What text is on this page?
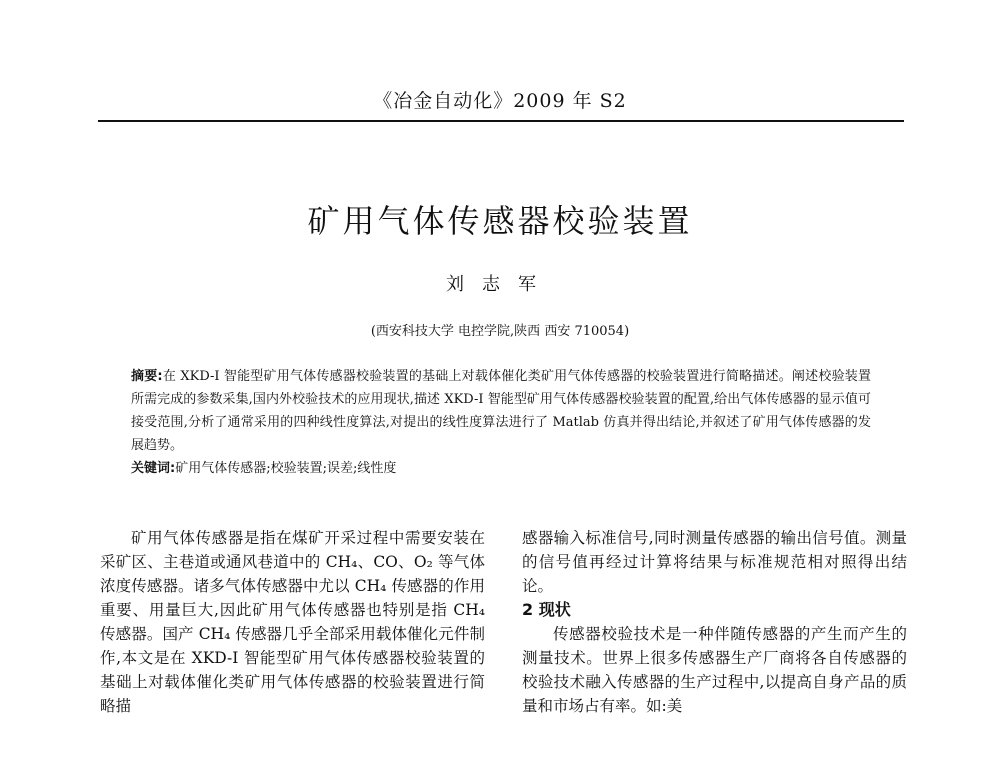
《冶金自动化》2009 年 S2
矿用气体传感器校验装置
刘志军
(西安科技大学 电控学院,陕西 西安 710054)

摘要:在 XKD-I 智能型矿用气体传感器校验装置的基础上对载体催化类矿用气体传感器的校验装置进行简略描述。阐述校验装置所需完成的参数采集,国内外校验技术的应用现状,描述 XKD-I 智能型矿用气体传感器校验装置的配置,给出气体传感器的显示值可接受范围,分析了通常采用的四种线性度算法,对提出的线性度算法进行了 Matlab 仿真并得出结论,并叙述了矿用气体传感器的发展趋势。

关键词:矿用气体传感器;校验装置;误差;线性度

矿用气体传感器是指在煤矿开采过程中需要安装在采矿区、主巷道或通风巷道中的 CH₄、CO、O₂ 等气体浓度传感器。诸多气体传感器中尤以 CH₄ 传感器的作用重要、用量巨大,因此矿用气体传感器也特别是指 CH₄ 传感器。国产 CH₄ 传感器几乎全部采用载体催化元件制作,本文是在 XKD-I 智能型矿用气体传感器校验装置的基础上对载体催化类矿用气体传感器的校验装置进行简略描

感器输入标准信号,同时测量传感器的输出信号值。测量的信号值再经过计算将结果与标准规范相对照得出结论。

2 现状

传感器校验技术是一种伴随传感器的产生而产生的测量技术。世界上很多传感器生产厂商将各自传感器的校验技术融入传感器的生产过程中,以提高自身产品的质量和市场占有率。如:美
